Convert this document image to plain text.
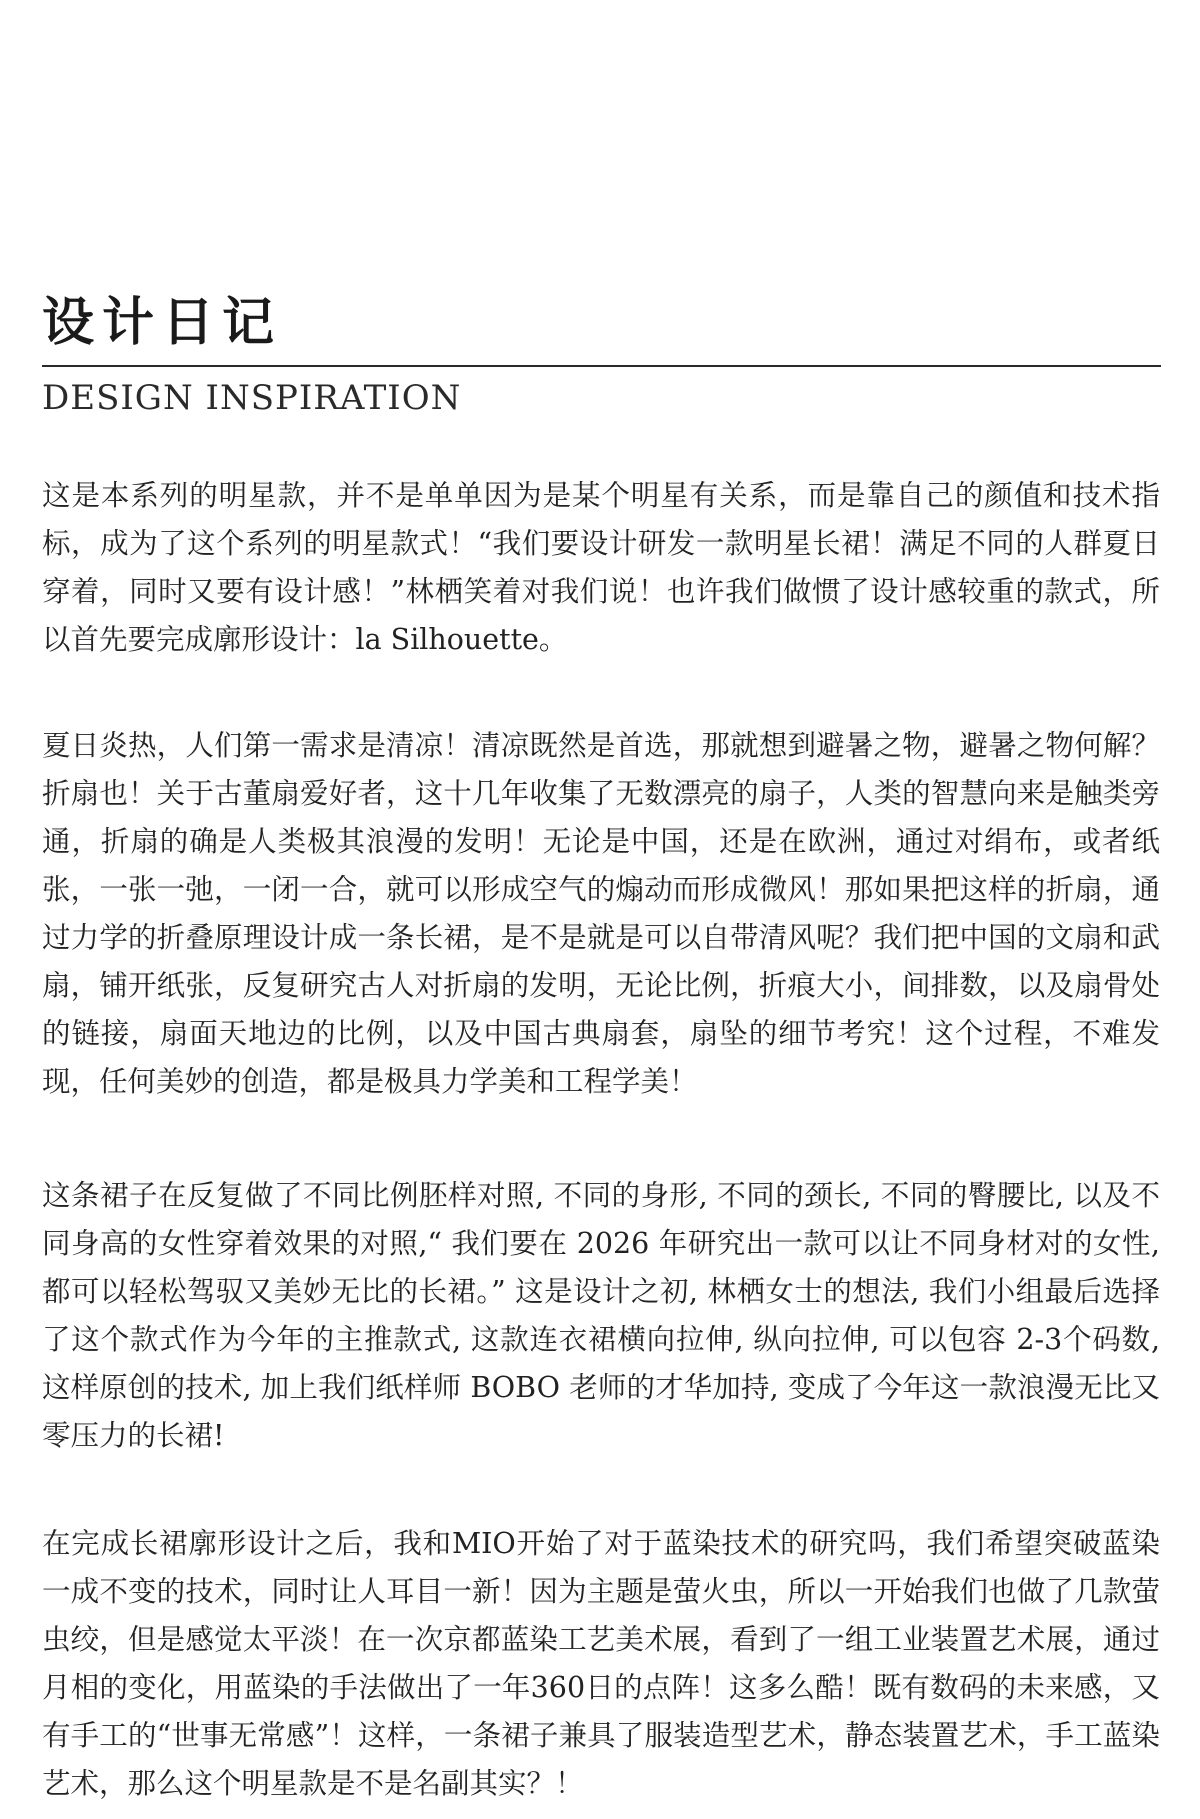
设计日记
DESIGN INSPIRATION

这是本系列的明星款，并不是单单因为是某个明星有关系，而是靠自己的颜值和技术指标，成为了这个系列的明星款式！“我们要设计研发一款明星长裙！满足不同的人群夏日穿着，同时又要有设计感！”林栖笑着对我们说！也许我们做惯了设计感较重的款式，所以首先要完成廓形设计：la Silhouette。

夏日炎热，人们第一需求是清凉！清凉既然是首选，那就想到避暑之物，避暑之物何解？折扇也！关于古董扇爱好者，这十几年收集了无数漂亮的扇子，人类的智慧向来是触类旁通，折扇的确是人类极其浪漫的发明！无论是中国，还是在欧洲，通过对绢布，或者纸张，一张一弛，一闭一合，就可以形成空气的煽动而形成微风！那如果把这样的折扇，通过力学的折叠原理设计成一条长裙，是不是就是可以自带清风呢？我们把中国的文扇和武扇，铺开纸张，反复研究古人对折扇的发明，无论比例，折痕大小，间排数，以及扇骨处的链接，扇面天地边的比例，以及中国古典扇套，扇坠的细节考究！这个过程，不难发现，任何美妙的创造，都是极具力学美和工程学美！

这条裙子在反复做了不同比例胚样对照, 不同的身形, 不同的颈长, 不同的臀腰比, 以及不同身高的女性穿着效果的对照,“ 我们要在 2026 年研究出一款可以让不同身材对的女性, 都可以轻松驾驭又美妙无比的长裙。” 这是设计之初, 林栖女士的想法, 我们小组最后选择了这个款式作为今年的主推款式, 这款连衣裙横向拉伸, 纵向拉伸, 可以包容 2-3个码数, 这样原创的技术, 加上我们纸样师 BOBO 老师的才华加持, 变成了今年这一款浪漫无比又零压力的长裙!

在完成长裙廓形设计之后，我和MIO开始了对于蓝染技术的研究吗，我们希望突破蓝染一成不变的技术，同时让人耳目一新！因为主题是萤火虫，所以一开始我们也做了几款萤虫绞，但是感觉太平淡！在一次京都蓝染工艺美术展，看到了一组工业装置艺术展，通过月相的变化，用蓝染的手法做出了一年360日的点阵！这多么酷！既有数码的未来感，又有手工的“世事无常感”！这样，一条裙子兼具了服装造型艺术，静态装置艺术，手工蓝染艺术，那么这个明星款是不是名副其实？！
